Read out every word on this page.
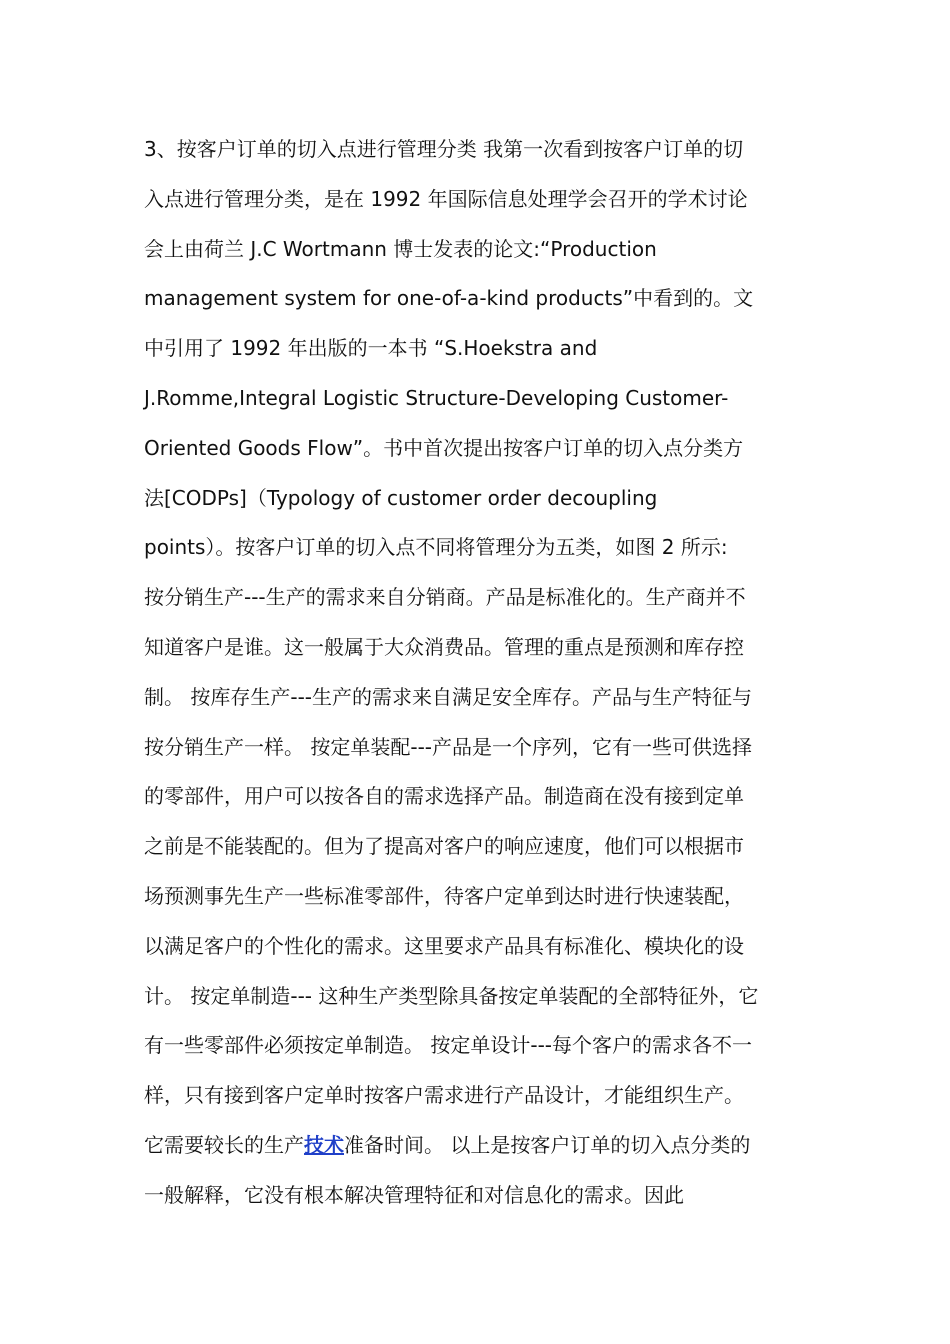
3、按客户订单的切入点进行管理分类 我第一次看到按客户订单的切
入点进行管理分类，是在 1992 年国际信息处理学会召开的学术讨论
会上由荷兰 J.C Wortmann 博士发表的论文:“Production
management system for one-of-a-kind products”中看到的。文
中引用了 1992 年出版的一本书 “S.Hoekstra and
J.Romme,Integral Logistic Structure-Developing Customer-
Oriented Goods Flow”。书中首次提出按客户订单的切入点分类方
法[CODPs]（Typology of customer order decoupling
points）。按客户订单的切入点不同将管理分为五类，如图 2 所示:
按分销生产---生产的需求来自分销商。产品是标准化的。生产商并不
知道客户是谁。这一般属于大众消费品。管理的重点是预测和库存控
制。 按库存生产---生产的需求来自满足安全库存。产品与生产特征与
按分销生产一样。 按定单装配---产品是一个序列，它有一些可供选择
的零部件，用户可以按各自的需求选择产品。制造商在没有接到定单
之前是不能装配的。但为了提高对客户的响应速度，他们可以根据市
场预测事先生产一些标准零部件，待客户定单到达时进行快速装配，
以满足客户的个性化的需求。这里要求产品具有标准化、模块化的设
计。 按定单制造--- 这种生产类型除具备按定单装配的全部特征外，它
有一些零部件必须按定单制造。 按定单设计---每个客户的需求各不一
样，只有接到客户定单时按客户需求进行产品设计，才能组织生产。
它需要较长的生产技术准备时间。 以上是按客户订单的切入点分类的
一般解释，它没有根本解决管理特征和对信息化的需求。因此
